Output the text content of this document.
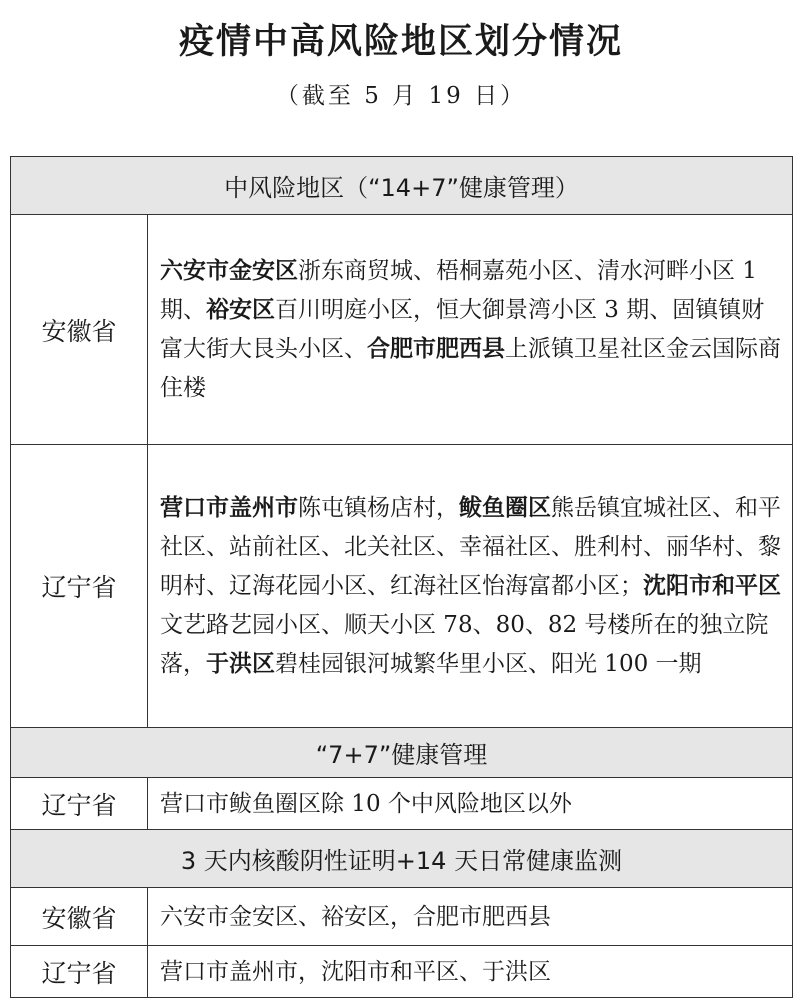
疫情中高风险地区划分情况
（截至 5 月 19 日）
中风险地区（“14+7”健康管理）	
安徽省	六安市金安区浙东商贸城、梧桐嘉苑小区、清水河畔小区 1 期、裕安区百川明庭小区，恒大御景湾小区 3 期、固镇镇财富大街大艮头小区、合肥市肥西县上派镇卫星社区金云国际商住楼
辽宁省	营口市盖州市陈屯镇杨店村，鲅鱼圈区熊岳镇宜城社区、和平社区、站前社区、北关社区、幸福社区、胜利村、丽华村、黎明村、辽海花园小区、红海社区怡海富都小区；沈阳市和平区文艺路艺园小区、顺天小区 78、80、82 号楼所在的独立院落，于洪区碧桂园银河城繁华里小区、阳光 100 一期
“7+7”健康管理	
辽宁省	营口市鲅鱼圈区除 10 个中风险地区以外
3 天内核酸阴性证明+14 天日常健康监测	
安徽省	六安市金安区、裕安区，合肥市肥西县
辽宁省	营口市盖州市，沈阳市和平区、于洪区
